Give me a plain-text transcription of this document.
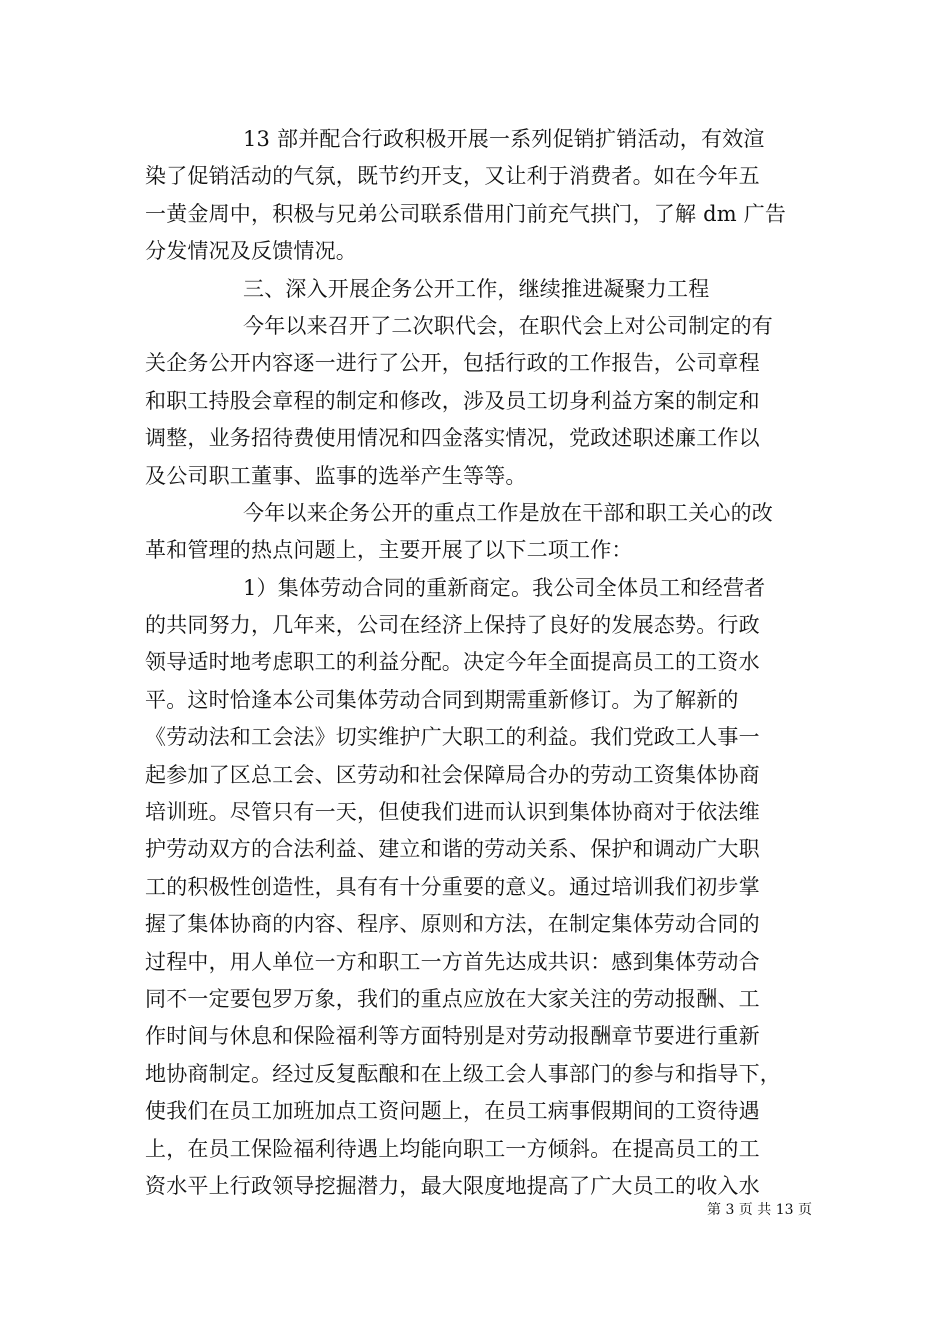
13 部并配合行政积极开展一系列促销扩销活动，有效渲
染了促销活动的气氛，既节约开支，又让利于消费者。如在今年五
一黄金周中，积极与兄弟公司联系借用门前充气拱门，了解 dm 广告
分发情况及反馈情况。
三、深入开展企务公开工作，继续推进凝聚力工程
今年以来召开了二次职代会，在职代会上对公司制定的有
关企务公开内容逐一进行了公开，包括行政的工作报告，公司章程
和职工持股会章程的制定和修改，涉及员工切身利益方案的制定和
调整，业务招待费使用情况和四金落实情况，党政述职述廉工作以
及公司职工董事、监事的选举产生等等。
今年以来企务公开的重点工作是放在干部和职工关心的改
革和管理的热点问题上，主要开展了以下二项工作：
1）集体劳动合同的重新商定。我公司全体员工和经营者
的共同努力，几年来，公司在经济上保持了良好的发展态势。行政
领导适时地考虑职工的利益分配。决定今年全面提高员工的工资水
平。这时恰逢本公司集体劳动合同到期需重新修订。为了解新的
《劳动法和工会法》切实维护广大职工的利益。我们党政工人事一
起参加了区总工会、区劳动和社会保障局合办的劳动工资集体协商
培训班。尽管只有一天，但使我们进而认识到集体协商对于依法维
护劳动双方的合法利益、建立和谐的劳动关系、保护和调动广大职
工的积极性创造性，具有有十分重要的意义。通过培训我们初步掌
握了集体协商的内容、程序、原则和方法，在制定集体劳动合同的
过程中，用人单位一方和职工一方首先达成共识：感到集体劳动合
同不一定要包罗万象，我们的重点应放在大家关注的劳动报酬、工
作时间与休息和保险福利等方面特别是对劳动报酬章节要进行重新
地协商制定。经过反复酝酿和在上级工会人事部门的参与和指导下，
使我们在员工加班加点工资问题上，在员工病事假期间的工资待遇
上，在员工保险福利待遇上均能向职工一方倾斜。在提高员工的工
资水平上行政领导挖掘潜力，最大限度地提高了广大员工的收入水
第 3 页 共 13 页
